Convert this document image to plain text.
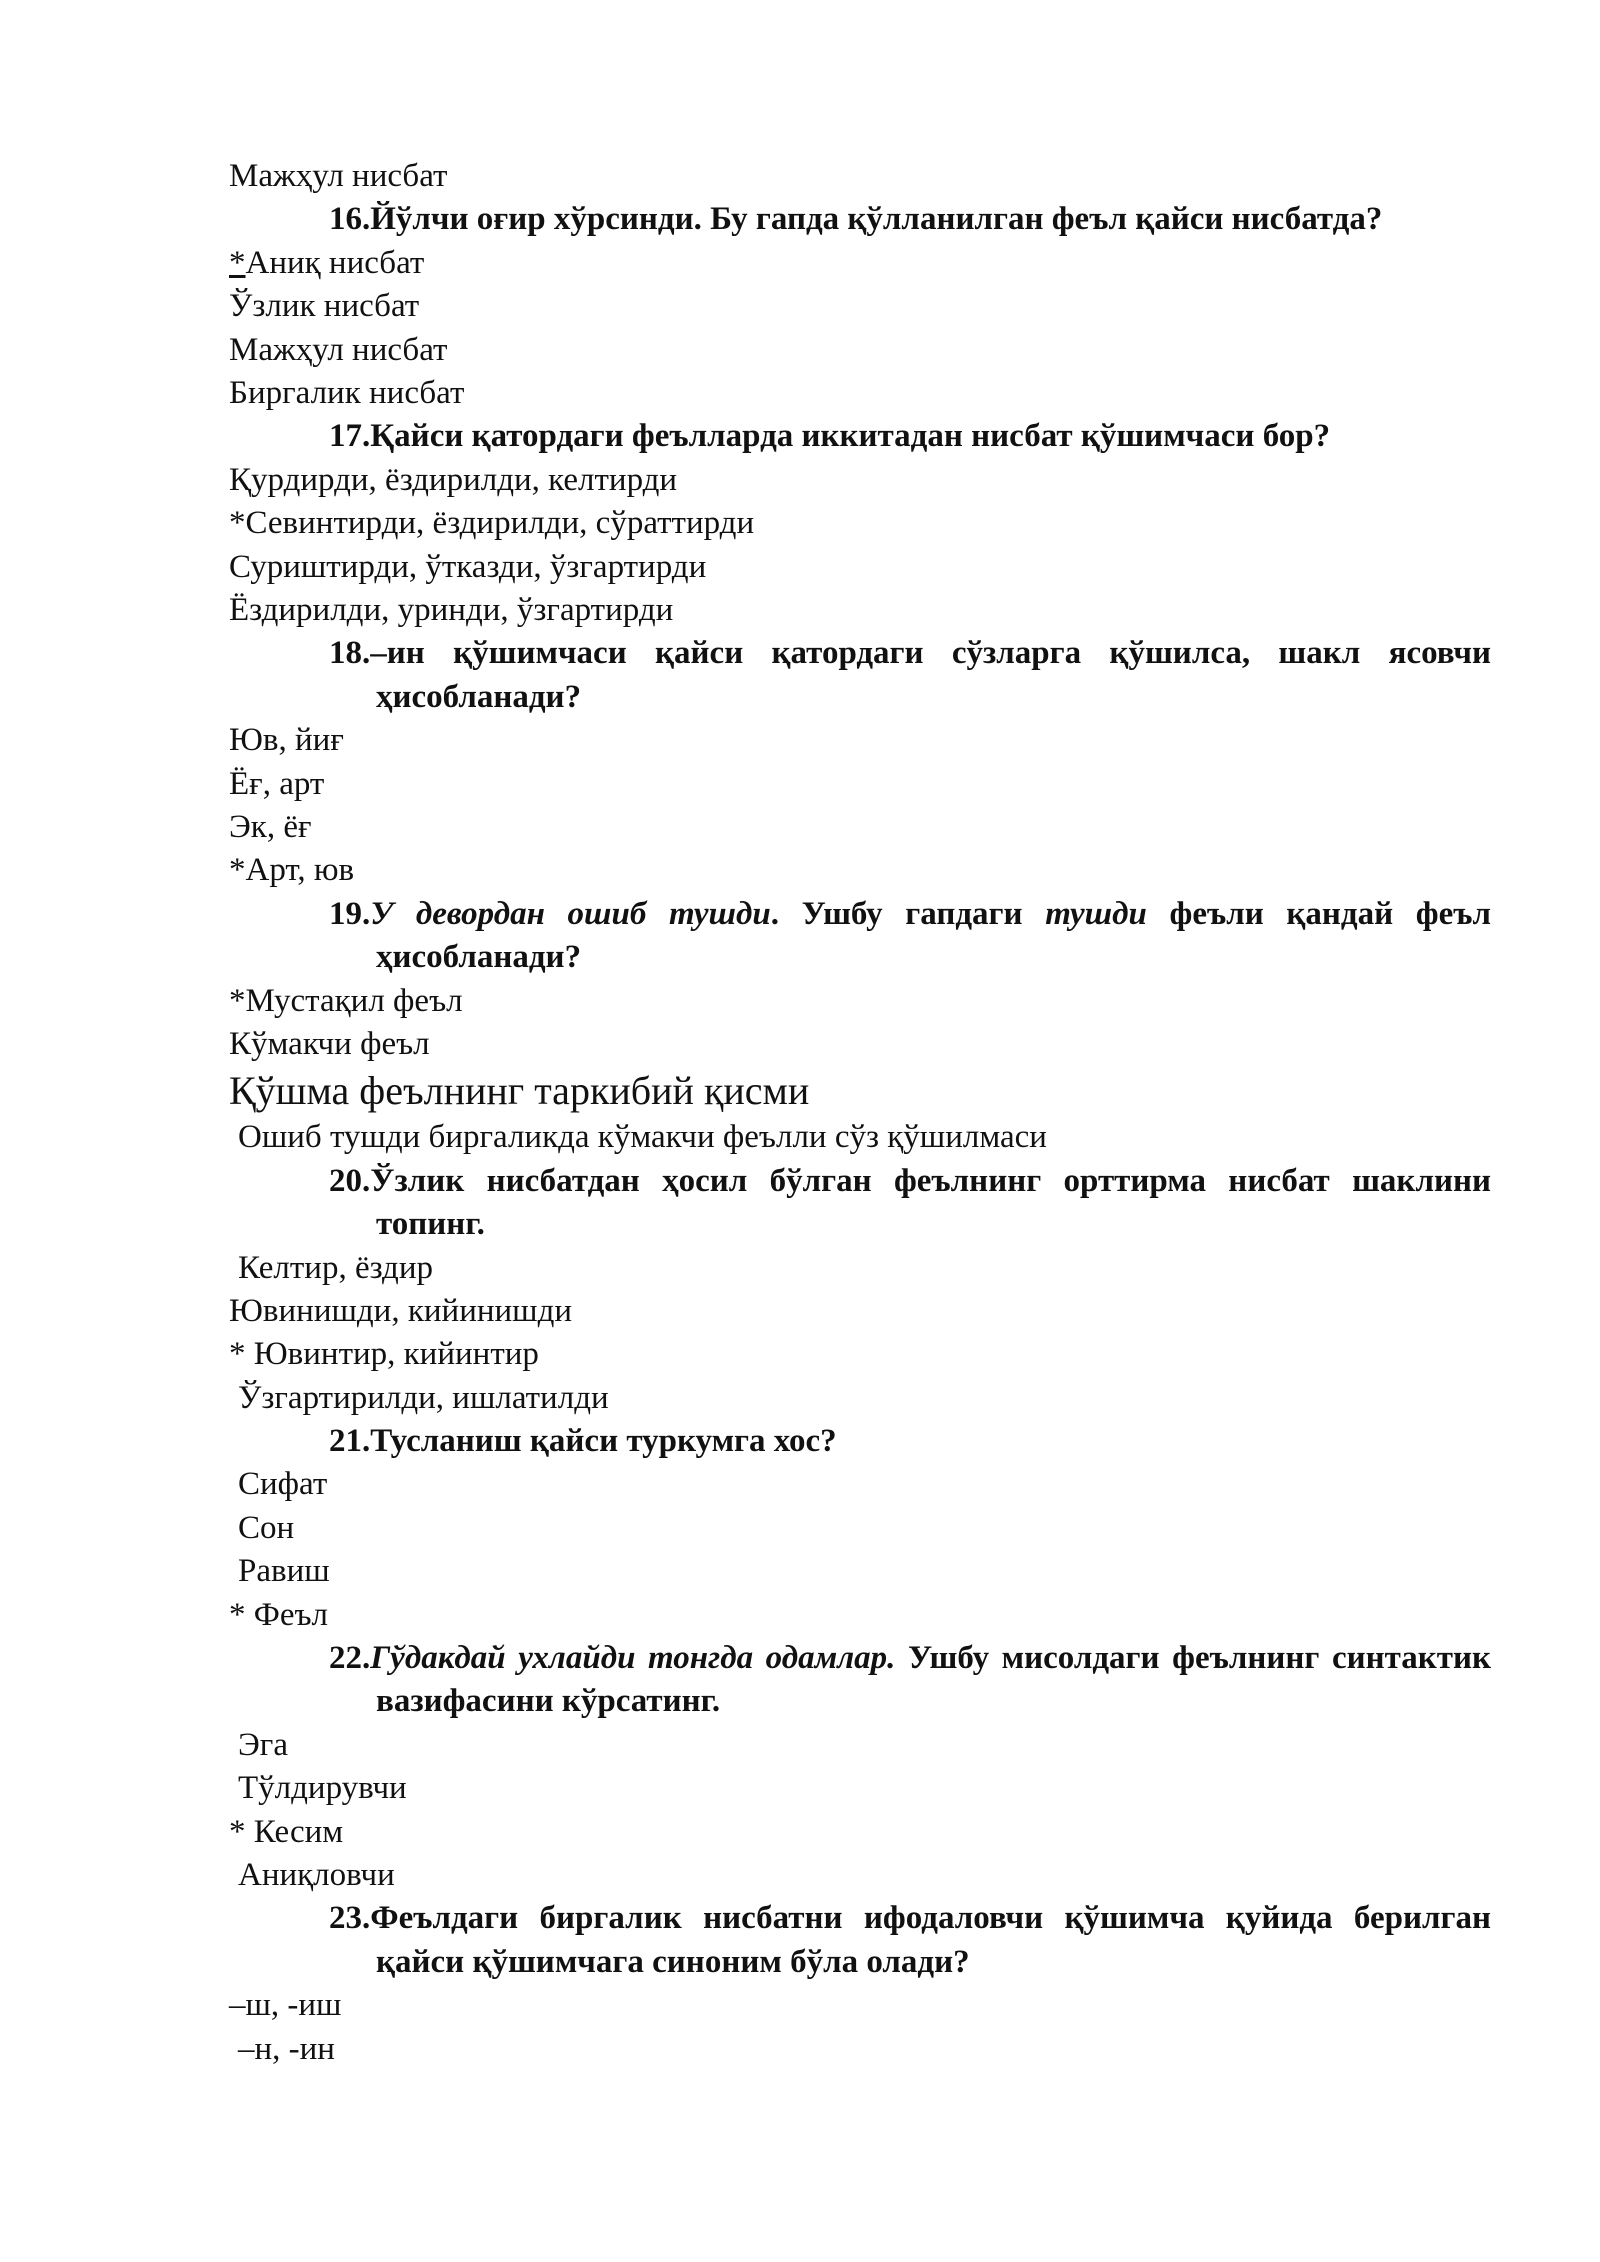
Мажҳул нисбат
16.Йўлчи оғир хўрсинди. Бу гапда қўлланилган феъл қайси нисбатда?
*Аниқ нисбат
Ўзлик нисбат
Мажҳул нисбат
Биргалик нисбат
17.Қайси қатордаги феълларда иккитадан нисбат қўшимчаси бор?
Қурдирди, ёздирилди, келтирди
*Севинтирди, ёздирилди, сўраттирди
Суриштирди, ўтказди, ўзгартирди
Ёздирилди, уринди, ўзгартирди
18.–ин қўшимчаси қайси қатордаги сўзларга қўшилса, шакл ясовчи ҳисобланади?
Юв, йиғ
Ёғ, арт
Эк, ёғ
*Арт, юв
19.У девордан ошиб тушди. Ушбу гапдаги тушди феъли қандай феъл ҳисобланади?
*Мустақил феъл
Кўмакчи феъл
Қўшма феълнинг таркибий қисми
Ошиб тушди биргаликда кўмакчи феълли сўз қўшилмаси
20.Ўзлик нисбатдан ҳосил бўлган феълнинг орттирма нисбат шаклини топинг.
Келтир, ёздир
Ювинишди, кийинишди
* Ювинтир, кийинтир
Ўзгартирилди, ишлатилди
21.Тусланиш қайси туркумга хос?
Сифат
Сон
Равиш
* Феъл
22.Гўдакдай ухлайди тонгда одамлар. Ушбу мисолдаги феълнинг синтактик вазифасини кўрсатинг.
Эга
Тўлдирувчи
* Кесим
Аниқловчи
23.Феълдаги биргалик нисбатни ифодаловчи қўшимча қуйида берилган қайси қўшимчага синоним бўла олади?
–ш, -иш
–н, -ин
